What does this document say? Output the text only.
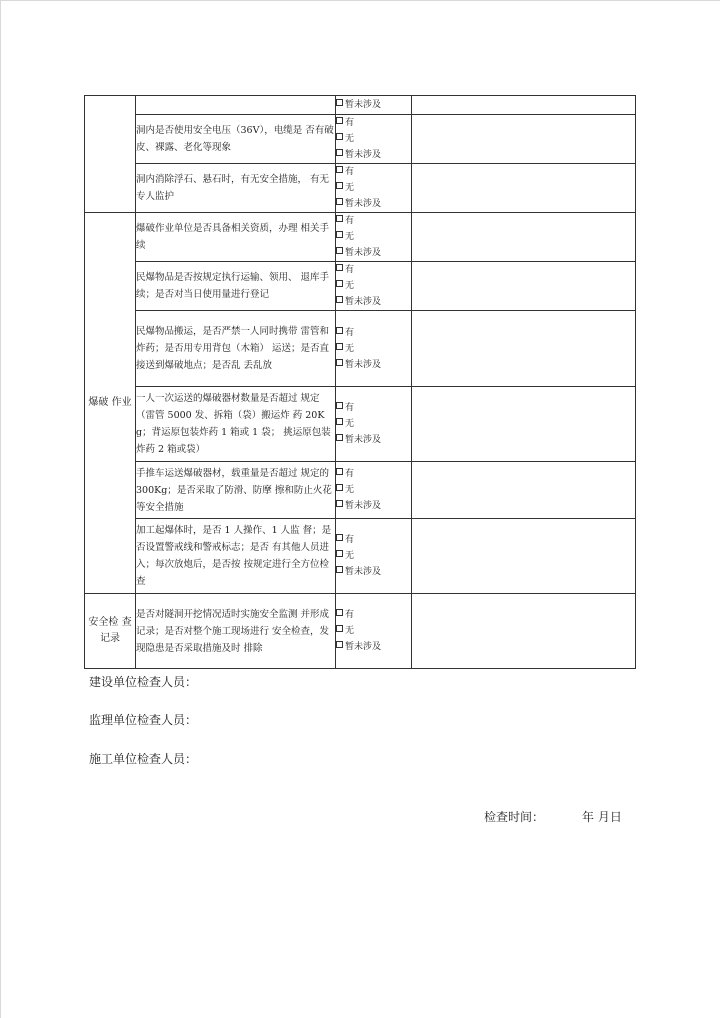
		暂未涉及	

	洞内是否使用安全电压（36V），电缆是 否有破皮、裸露、老化等现象	有
无
暂未涉及	

	洞内消除浮石、悬石时，有无安全措施， 有无专人监护	有
无
暂未涉及	

爆破 作业	爆破作业单位是否具备相关资质，办理 相关手续	有
无
暂未涉及	

	民爆物品是否按规定执行运输、领用、 退库手续；是否对当日使用量进行登记	有
无
暂未涉及	

	民爆物品搬运，是否严禁一人同时携带 雷管和炸药；是否用专用背包（木箱） 运送；是否直接送到爆破地点；是否乱 丢乱放	有
无
暂未涉及	

	一人一次运送的爆破器材数量是否超过 规定（雷管 5000 发、拆箱（袋）搬运炸 药 20Kg；背运原包装炸药 1 箱或 1 袋； 挑运原包装炸药 2 箱或袋）	有
无
暂未涉及	

	手推车运送爆破器材，载重量是否超过 规定的 300Kg；是否采取了防滑、防摩 擦和防止火花等安全措施	有
无
暂未涉及	

	加工起爆体时，是否 1 人操作、1 人监 督；是否设置警戒线和警戒标志；是否 有其他人员进入；每次放炮后，是否按 按规定进行全方位检查	有
无
暂未涉及	

安全检 查记录	是否对隧洞开挖情况适时实施安全监测 并形成记录；是否对整个施工现场进行 安全检查，发现隐患是否采取措施及时 排除	有
无
暂未涉及	

建设单位检查人员：
监理单位检查人员：
施工单位检查人员：
检查时间：	年 月日
